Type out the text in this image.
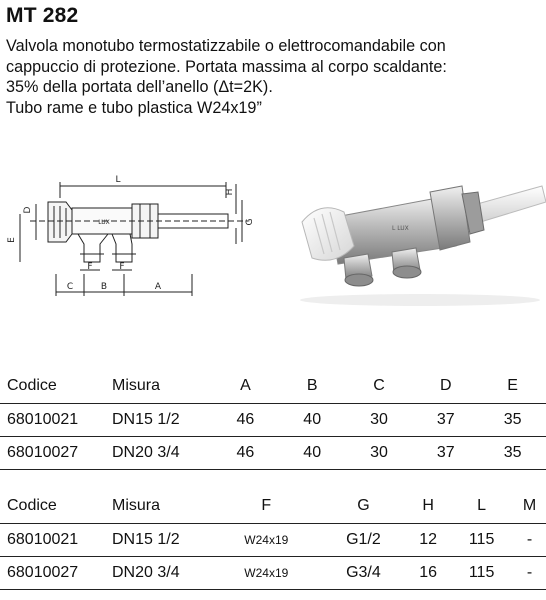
MT 282
Valvola monotubo termostatizzabile o elettrocomandabile con
cappuccio di protezione. Portata massima al corpo scaldante:
35% della portata dell’anello (Δt=2K).
Tubo rame e tubo plastica W24x19”
L
H
D
E
G
F	F
C	B	A
LUX
L LUX
Codice	Misura	A	B	C	D	E
68010021	DN15 1/2	46	40	30	37	35
68010027	DN20 3/4	46	40	30	37	35
Codice	Misura	F	G	H	L	M
68010021	DN15 1/2	W24x19	G1/2	12	115	-
68010027	DN20 3/4	W24x19	G3/4	16	115	-
